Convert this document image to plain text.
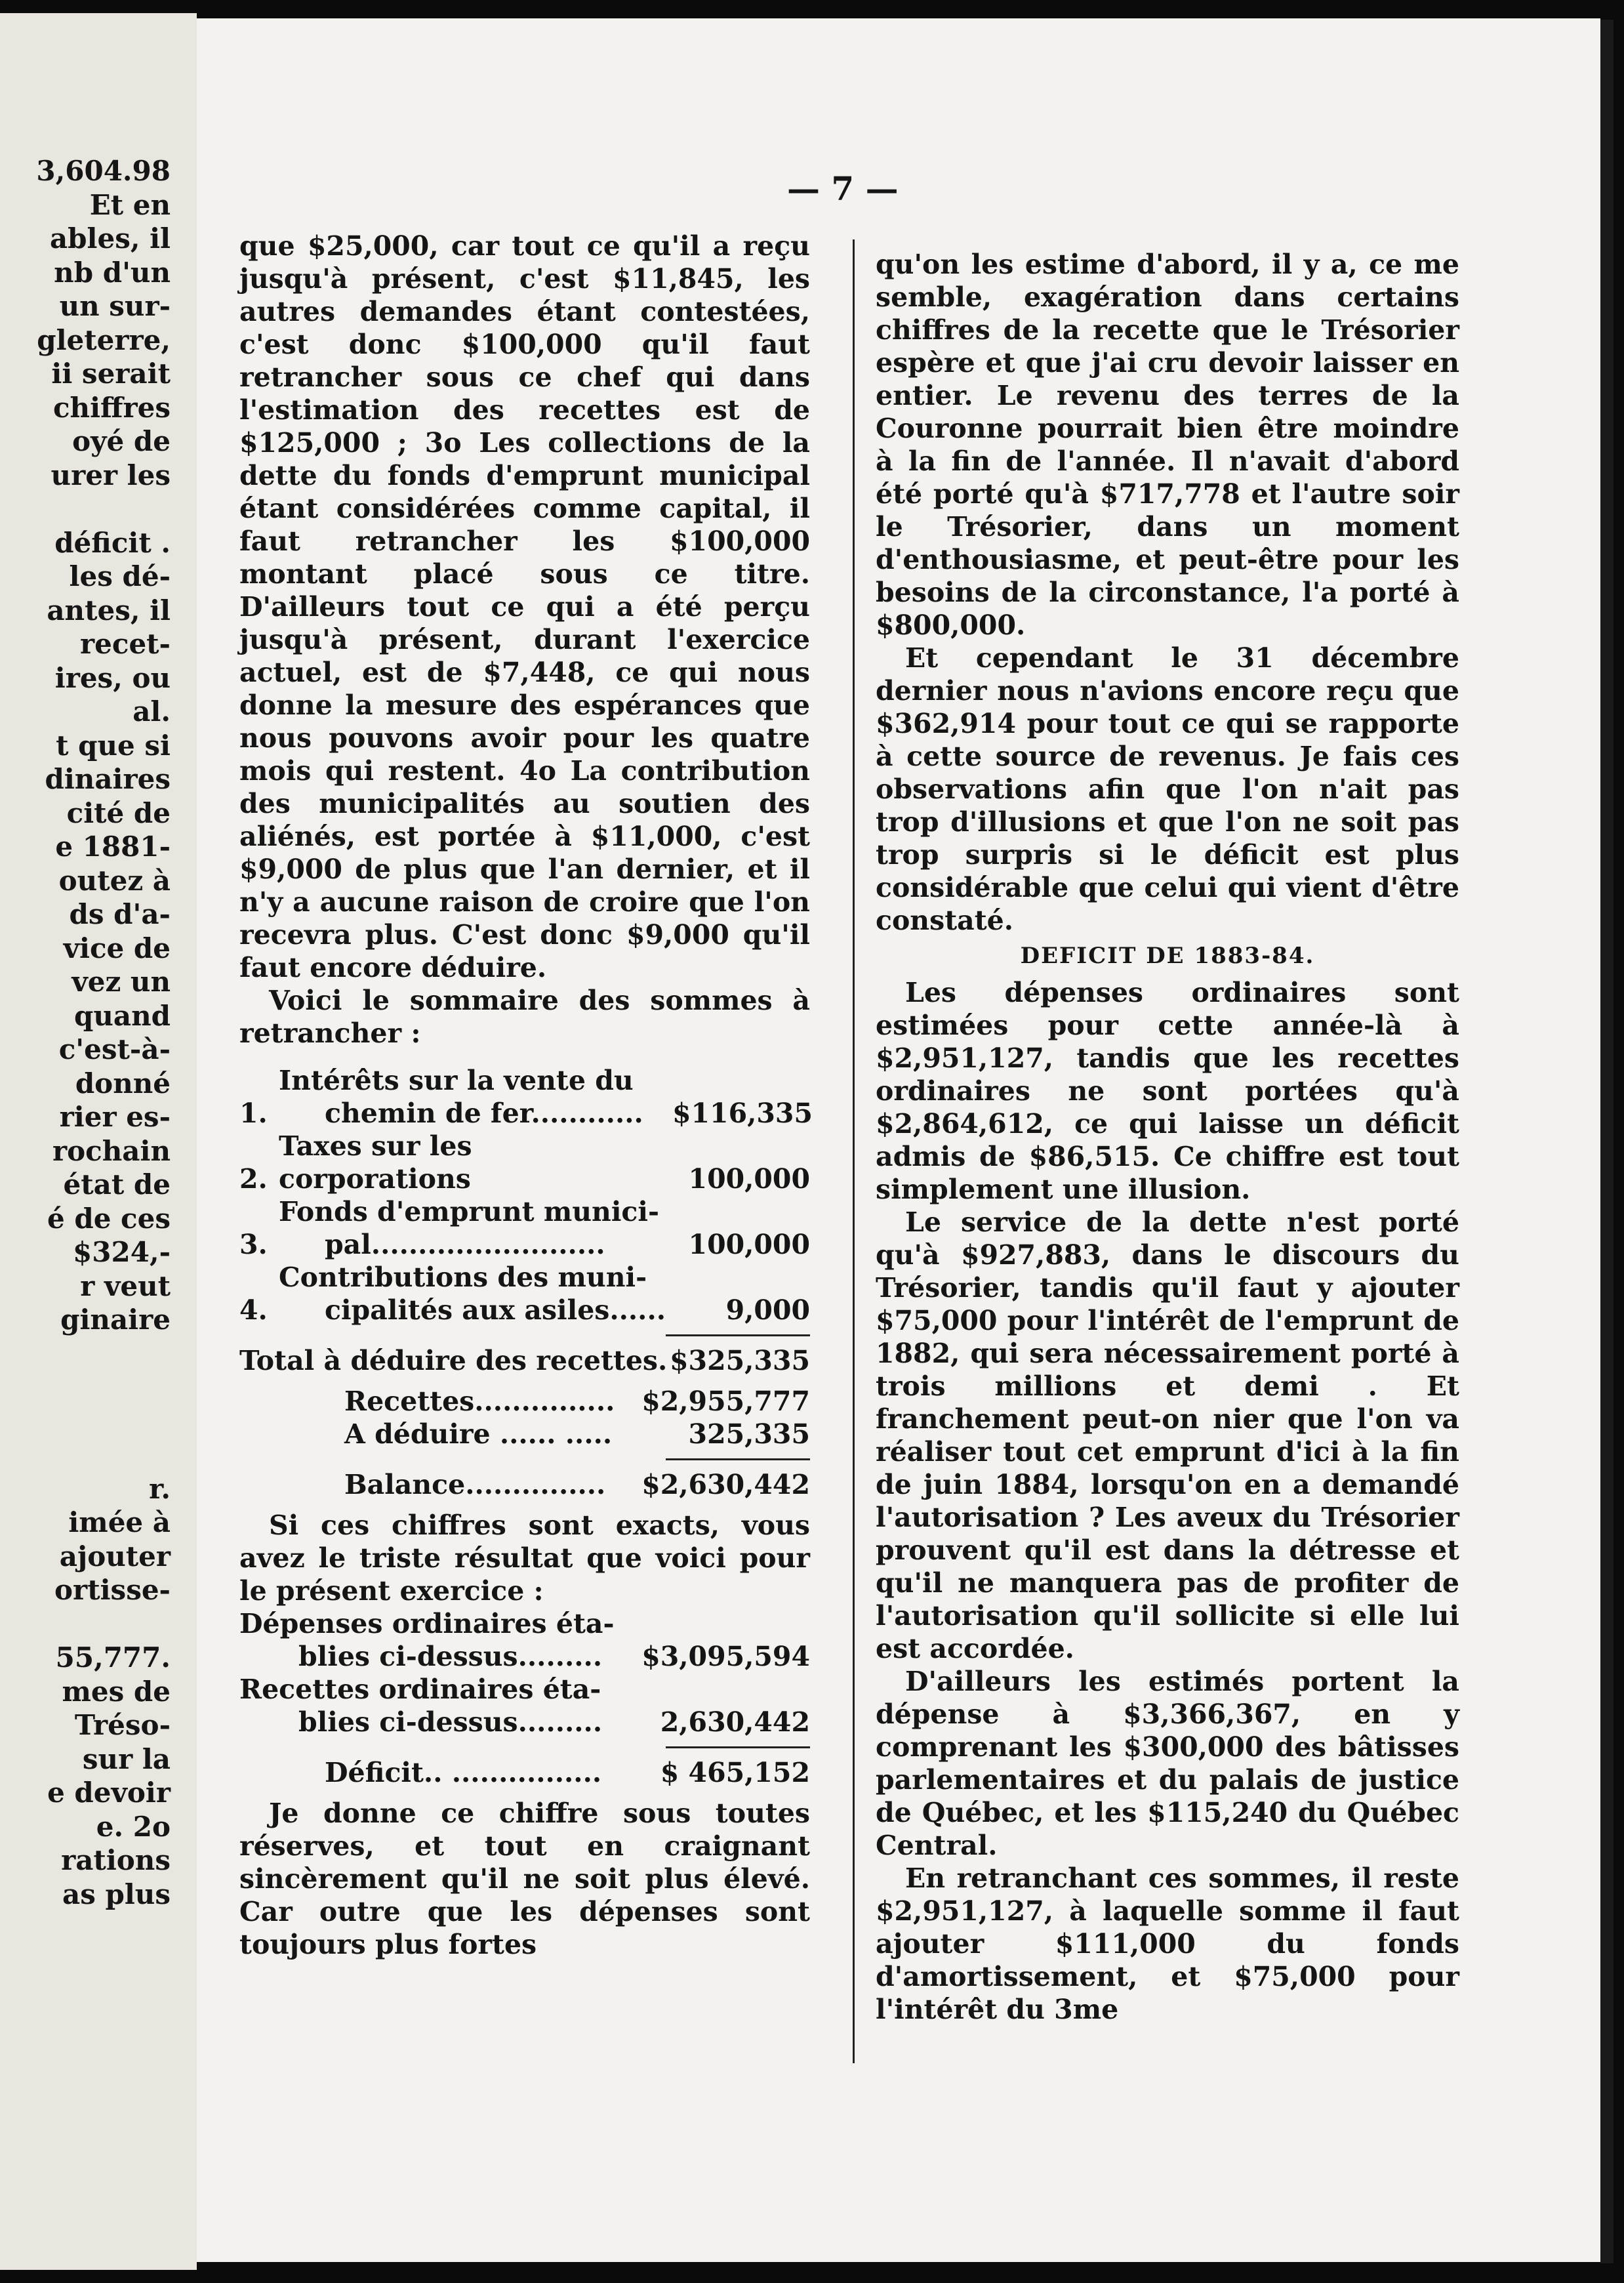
3,604.98
Et en
ables, il
nb d'un
un sur-
gleterre,
ii serait
chiffres
oyé de
urer les
déficit .
les dé-
antes, il
recet-
ires, ou
al.
t que si
dinaires
cité de
e 1881-
outez à
ds d'a-
vice de
vez un
quand
c'est-à-
donné
rier es-
rochain
état de
é de ces
$324,-
r veut
ginaire
r.
imée à
ajouter
ortisse-
55,777.
mes de
Tréso-
sur la
e devoir
e. 2o
rations
as plus
— 7 —

que $25,000, car tout ce qu'il a reçu jusqu'à présent, c'est $11,845, les autres demandes étant contestées, c'est donc $100,000 qu'il faut retrancher sous ce chef qui dans l'estimation des recettes est de $125,000 ; 3o Les collections de la dette du fonds d'emprunt municipal étant considérées comme capital, il faut retrancher les $100,000 montant placé sous ce titre. D'ailleurs tout ce qui a été perçu jusqu'à présent, durant l'exercice actuel, est de $7,448, ce qui nous donne la mesure des espérances que nous pouvons avoir pour les quatre mois qui restent. 4o La contribution des municipalités au soutien des aliénés, est portée à $11,000, c'est $9,000 de plus que l'an dernier, et il n'y a aucune raison de croire que l'on recevra plus. C'est donc $9,000 qu'il faut encore déduire.

Voici le sommaire des sommes à retrancher :

1.
Intérêts sur la vente du
chemin de fer............	$116,335
2.
Taxes sur les corporations	100,000
3.
Fonds d'emprunt munici-
pal.........................	100,000
4.
Contributions des muni-
cipalités aux asiles......	9,000
Total à déduire des recettes. $325,335
Recettes............... $2,955,777
A déduire ...... .....	325,335
Balance............... $2,630,442

Si ces chiffres sont exacts, vous avez le triste résultat que voici pour le présent exercice :

Dépenses ordinaires éta-
blies ci-dessus.........	$3,095,594
Recettes ordinaires éta-
blies ci-dessus.........	2,630,442
Déficit.. ................ $ 465,152

Je donne ce chiffre sous toutes réserves, et tout en craignant sincèrement qu'il ne soit plus élevé. Car outre que les dépenses sont toujours plus fortes

qu'on les estime d'abord, il y a, ce me semble, exagération dans certains chiffres de la recette que le Trésorier espère et que j'ai cru devoir laisser en entier. Le revenu des terres de la Couronne pourrait bien être moindre à la fin de l'année. Il n'avait d'abord été porté qu'à $717,778 et l'autre soir le Trésorier, dans un moment d'enthousiasme, et peut-être pour les besoins de la circonstance, l'a porté à $800,000.

Et cependant le 31 décembre dernier nous n'avions encore reçu que $362,914 pour tout ce qui se rapporte à cette source de revenus. Je fais ces observations afin que l'on n'ait pas trop d'illusions et que l'on ne soit pas trop surpris si le déficit est plus considérable que celui qui vient d'être constaté.

DEFICIT DE 1883-84.

Les dépenses ordinaires sont estimées pour cette année-là à $2,951,127, tandis que les recettes ordinaires ne sont portées qu'à $2,864,612, ce qui laisse un déficit admis de $86,515. Ce chiffre est tout simplement une illusion.

Le service de la dette n'est porté qu'à $927,883, dans le discours du Trésorier, tandis qu'il faut y ajouter $75,000 pour l'intérêt de l'emprunt de 1882, qui sera nécessairement porté à trois millions et demi . Et franchement peut-on nier que l'on va réaliser tout cet emprunt d'ici à la fin de juin 1884, lorsqu'on en a demandé l'autorisation ? Les aveux du Trésorier prouvent qu'il est dans la détresse et qu'il ne manquera pas de profiter de l'autorisation qu'il sollicite si elle lui est accordée.

D'ailleurs les estimés portent la dépense à $3,366,367, en y comprenant les $300,000 des bâtisses parlementaires et du palais de justice de Québec, et les $115,240 du Québec Central.

En retranchant ces sommes, il reste $2,951,127, à laquelle somme il faut ajouter $111,000 du fonds d'amortissement, et $75,000 pour l'intérêt du 3me
